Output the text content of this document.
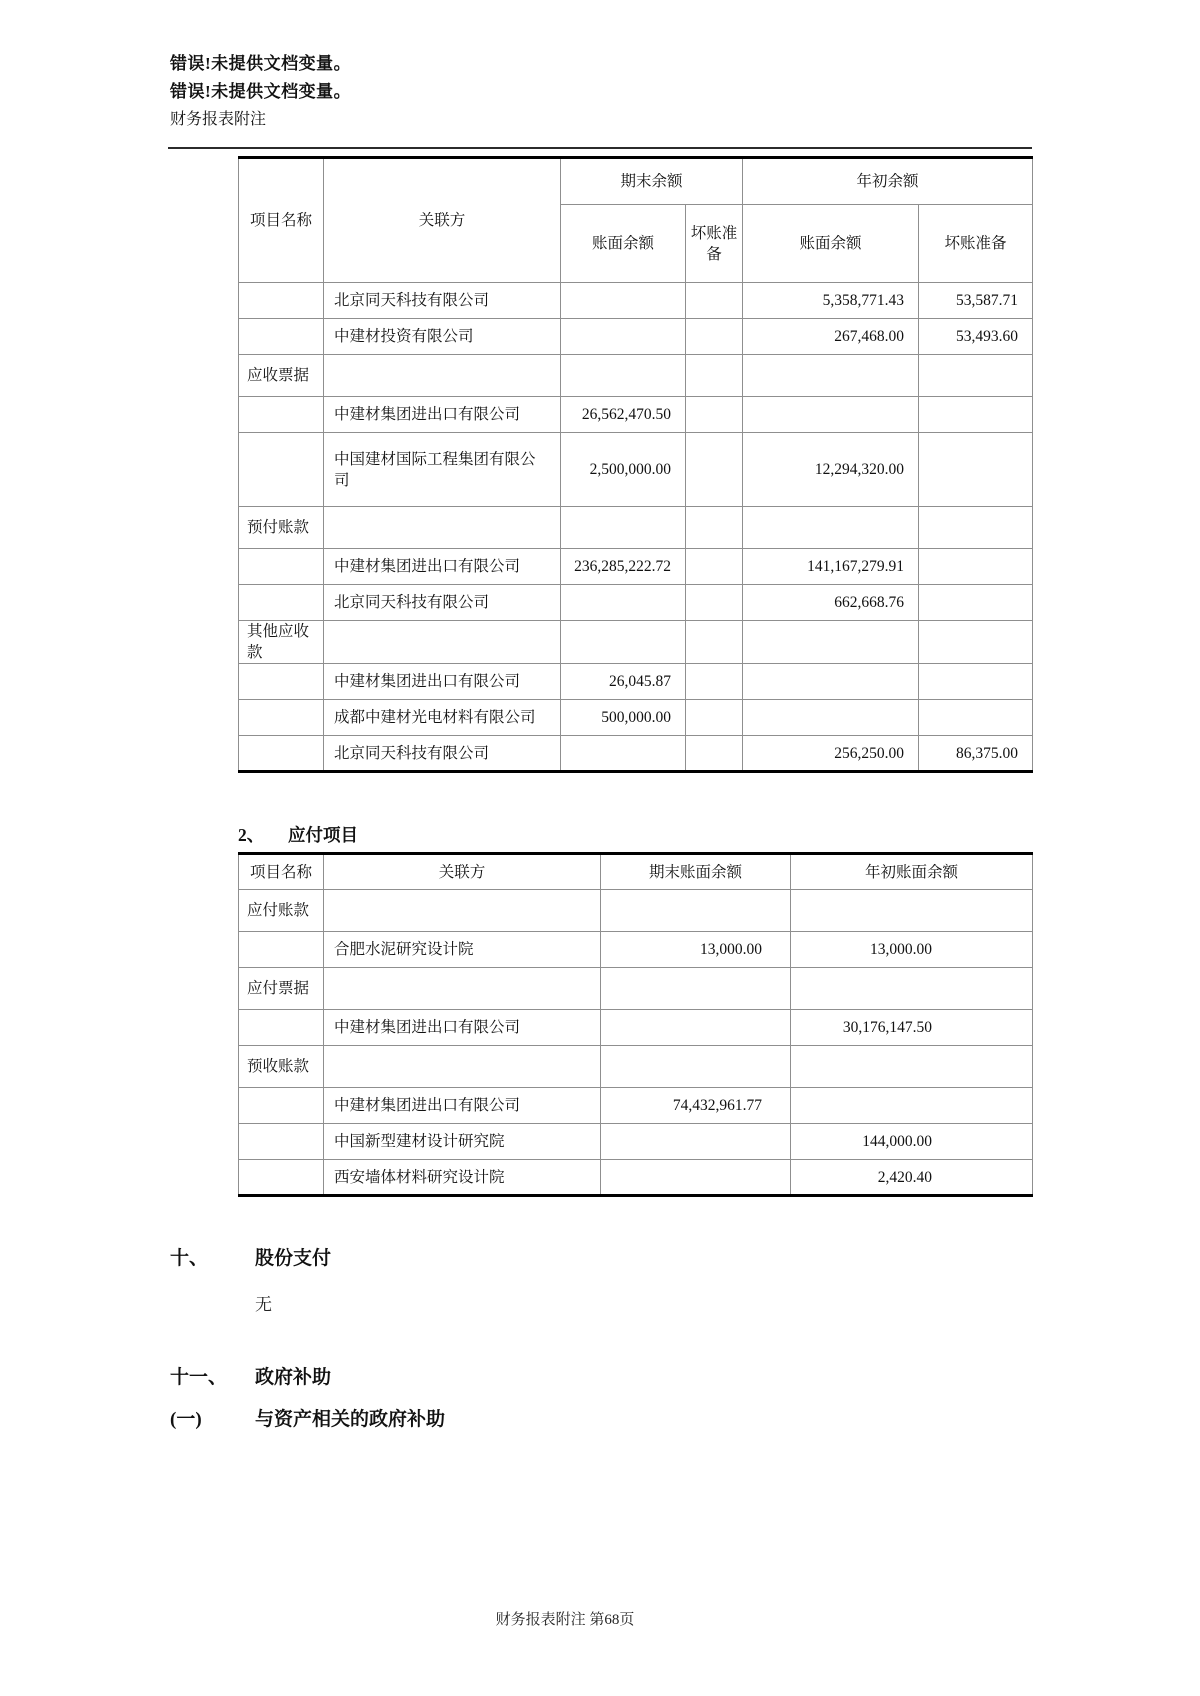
错误!未提供文档变量。
错误!未提供文档变量。
财务报表附注
项目名称	关联方	期末余额		年初余额	
		账面余额	坏账准备	账面余额	坏账准备
	北京同天科技有限公司			5,358,771.43	53,587.71
	中建材投资有限公司			267,468.00	53,493.60
应收票据					
	中建材集团进出口有限公司	26,562,470.50			
	中国建材国际工程集团有限公司	2,500,000.00		12,294,320.00	
预付账款					
	中建材集团进出口有限公司	236,285,222.72		141,167,279.91	
	北京同天科技有限公司			662,668.76	
其他应收款					
	中建材集团进出口有限公司	26,045.87			
	成都中建材光电材料有限公司	500,000.00			
	北京同天科技有限公司			256,250.00	86,375.00
2、 应付项目
项目名称	关联方	期末账面余额	年初账面余额
应付账款			
	合肥水泥研究设计院	13,000.00	13,000.00
应付票据			
	中建材集团进出口有限公司		30,176,147.50
预收账款			
	中建材集团进出口有限公司	74,432,961.77	
	中国新型建材设计研究院		144,000.00
	西安墙体材料研究设计院		2,420.40
十、 股份支付
无
十一、 政府补助
(一)	与资产相关的政府补助
财务报表附注 第68页
